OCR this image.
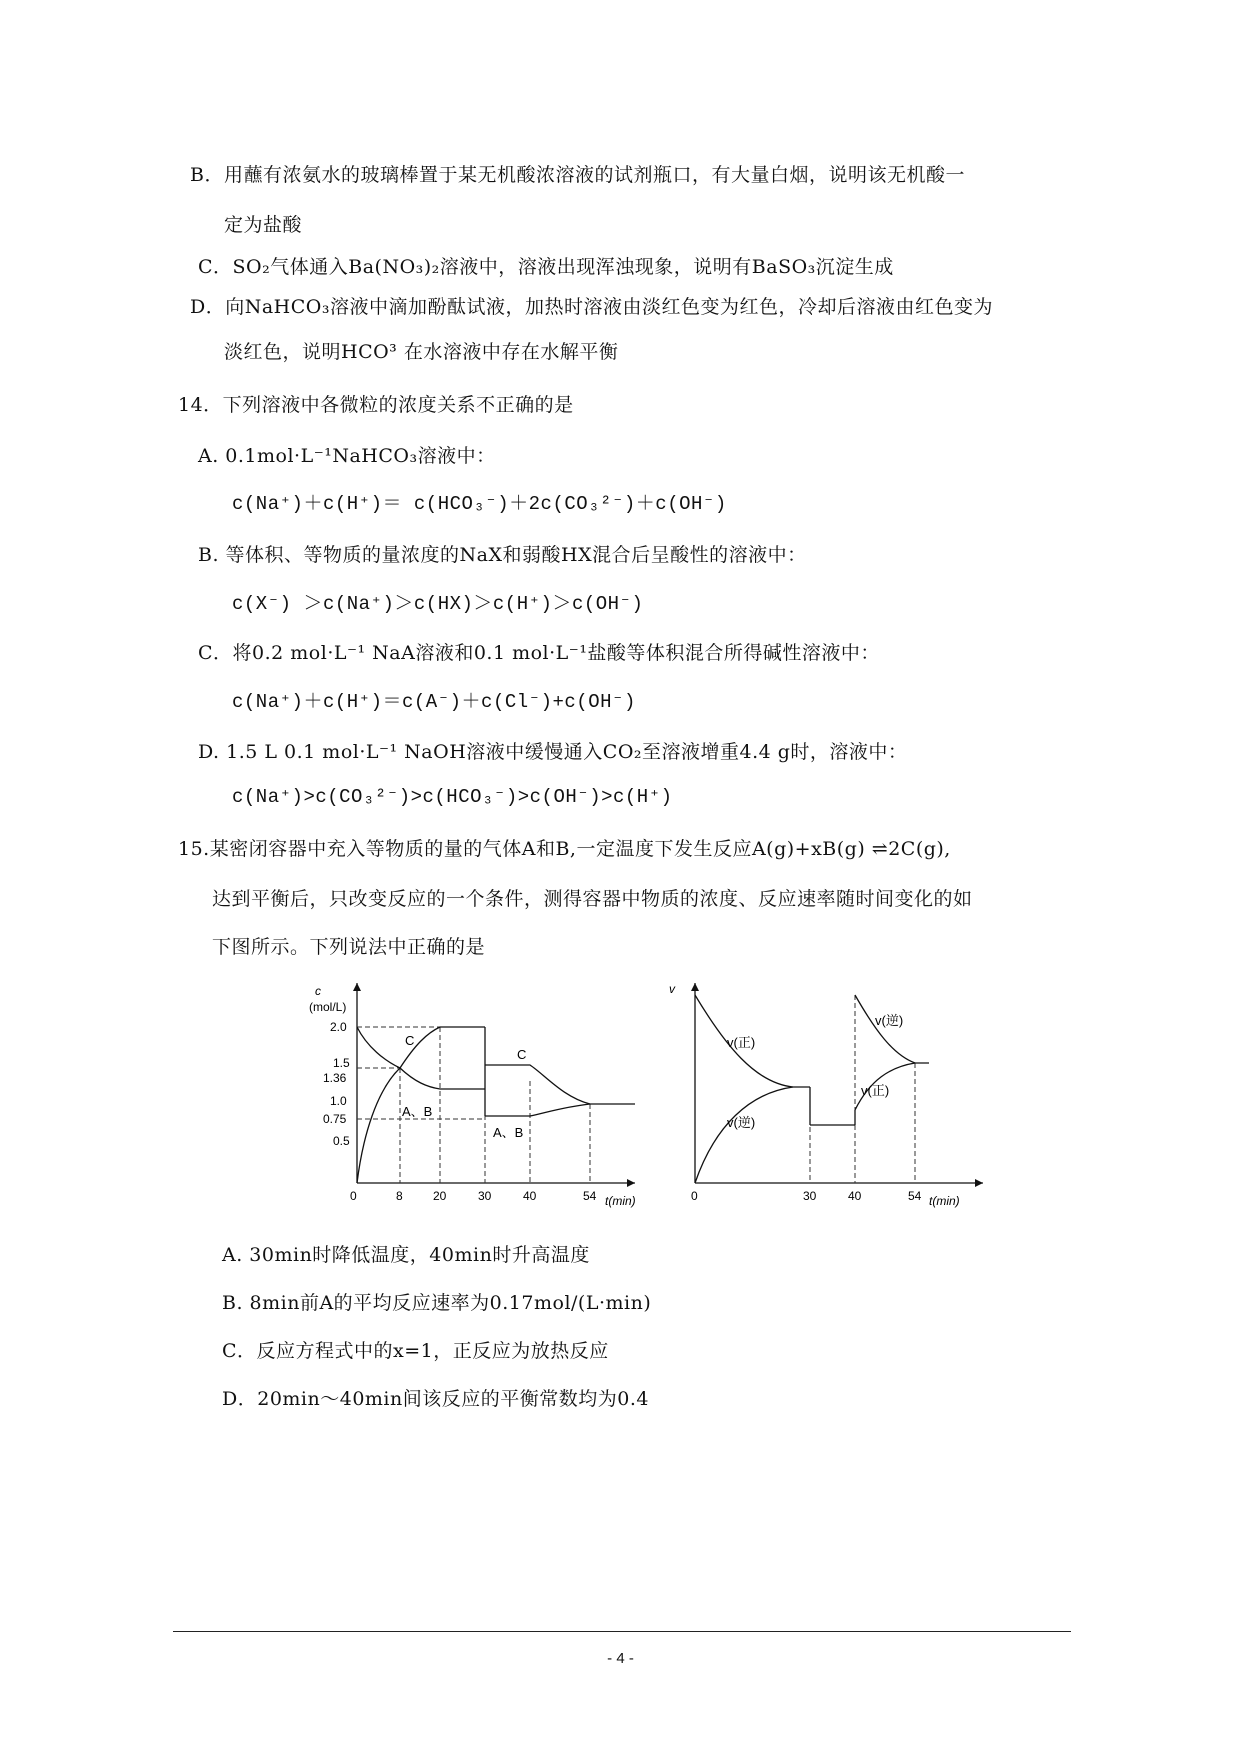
B．用蘸有浓氨水的玻璃棒置于某无机酸浓溶液的试剂瓶口，有大量白烟，说明该无机酸一
定为盐酸
C．SO₂气体通入Ba(NO₃)₂溶液中，溶液出现浑浊现象，说明有BaSO₃沉淀生成
D．向NaHCO₃溶液中滴加酚酞试液，加热时溶液由淡红色变为红色，冷却后溶液由红色变为
淡红色，说明HCO³ 在水溶液中存在水解平衡
14．下列溶液中各微粒的浓度关系不正确的是
A. 0.1mol·L⁻¹NaHCO₃溶液中：
c(Na⁺)＋c(H⁺)＝ c(HCO₃⁻)＋2c(CO₃²⁻)＋c(OH⁻)
B. 等体积、等物质的量浓度的NaX和弱酸HX混合后呈酸性的溶液中：
c(X⁻) ＞c(Na⁺)＞c(HX)＞c(H⁺)＞c(OH⁻)
C．将0.2 mol·L⁻¹ NaA溶液和0.1 mol·L⁻¹盐酸等体积混合所得碱性溶液中：
c(Na⁺)＋c(H⁺)＝c(A⁻)＋c(Cl⁻)+c(OH⁻)
D. 1.5 L 0.1 mol·L⁻¹ NaOH溶液中缓慢通入CO₂至溶液增重4.4 g时，溶液中：
c(Na⁺)>c(CO₃²⁻)>c(HCO₃⁻)>c(OH⁻)>c(H⁺)
15.某密闭容器中充入等物质的量的气体A和B,一定温度下发生反应A(g)+xB(g) ⇌2C(g),
达到平衡后，只改变反应的一个条件，测得容器中物质的浓度、反应速率随时间变化的如
下图所示。下列说法中正确的是
c
(mol/L)
2.0
1.5
1.36
1.0
0.75
0.5
0	8	20	30	40	54 t(min)
C
A、B
C
A、B
v
0	30	40	54 t(min)
v(正)
v(逆)
v(逆)
v(正)
A. 30min时降低温度，40min时升高温度
B. 8min前A的平均反应速率为0.17mol/(L·min)
C．反应方程式中的x=1，正反应为放热反应
D．20min～40min间该反应的平衡常数均为0.4
- 4 -
